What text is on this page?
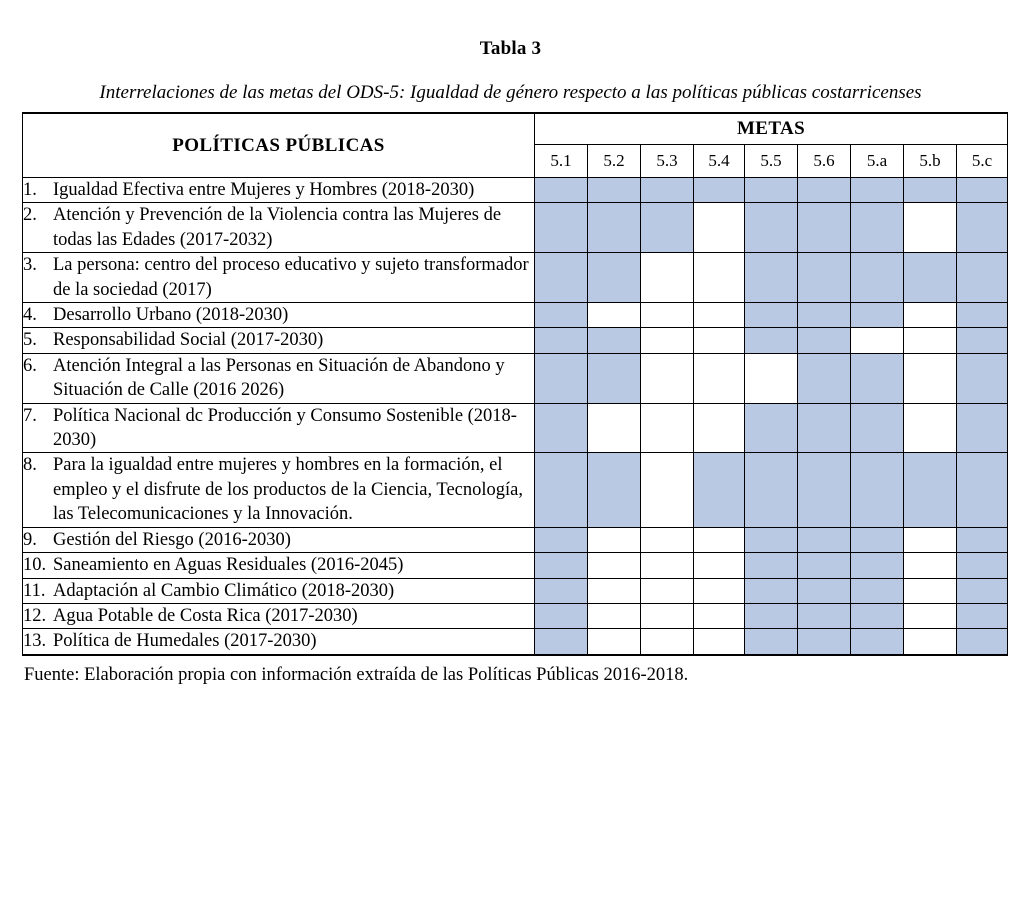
Tabla 3
Interrelaciones de las metas del ODS-5: Igualdad de género respecto a las políticas públicas costarricenses
POLÍTICAS PÚBLICAS	METAS								
	5.1	5.2	5.3	5.4	5.5	5.6	5.a	5.b	5.c

1. Igualdad Efectiva entre Mujeres y Hombres (2018-2030)									

2. Atención y Prevención de la Violencia contra las Mujeres de todas las Edades (2017-2032)									

3. La persona: centro del proceso educativo y sujeto transformador de la sociedad (2017)									

4. Desarrollo Urbano (2018-2030)									

5. Responsabilidad Social (2017-2030)									

6. Atención Integral a las Personas en Situación de Abandono y Situación de Calle (2016 2026)									

7. Política Nacional dc Producción y Consumo Sostenible (2018-2030)									

8. Para la igualdad entre mujeres y hombres en la formación, el empleo y el disfrute de los productos de la Ciencia, Tecnología, las Telecomunicaciones y la Innovación.									

9. Gestión del Riesgo (2016-2030)									

10. Saneamiento en Aguas Residuales (2016-2045)									

11. Adaptación al Cambio Climático (2018-2030)									

12. Agua Potable de Costa Rica (2017-2030)									

13. Política de Humedales (2017-2030)									

Fuente: Elaboración propia con información extraída de las Políticas Públicas 2016-2018.
